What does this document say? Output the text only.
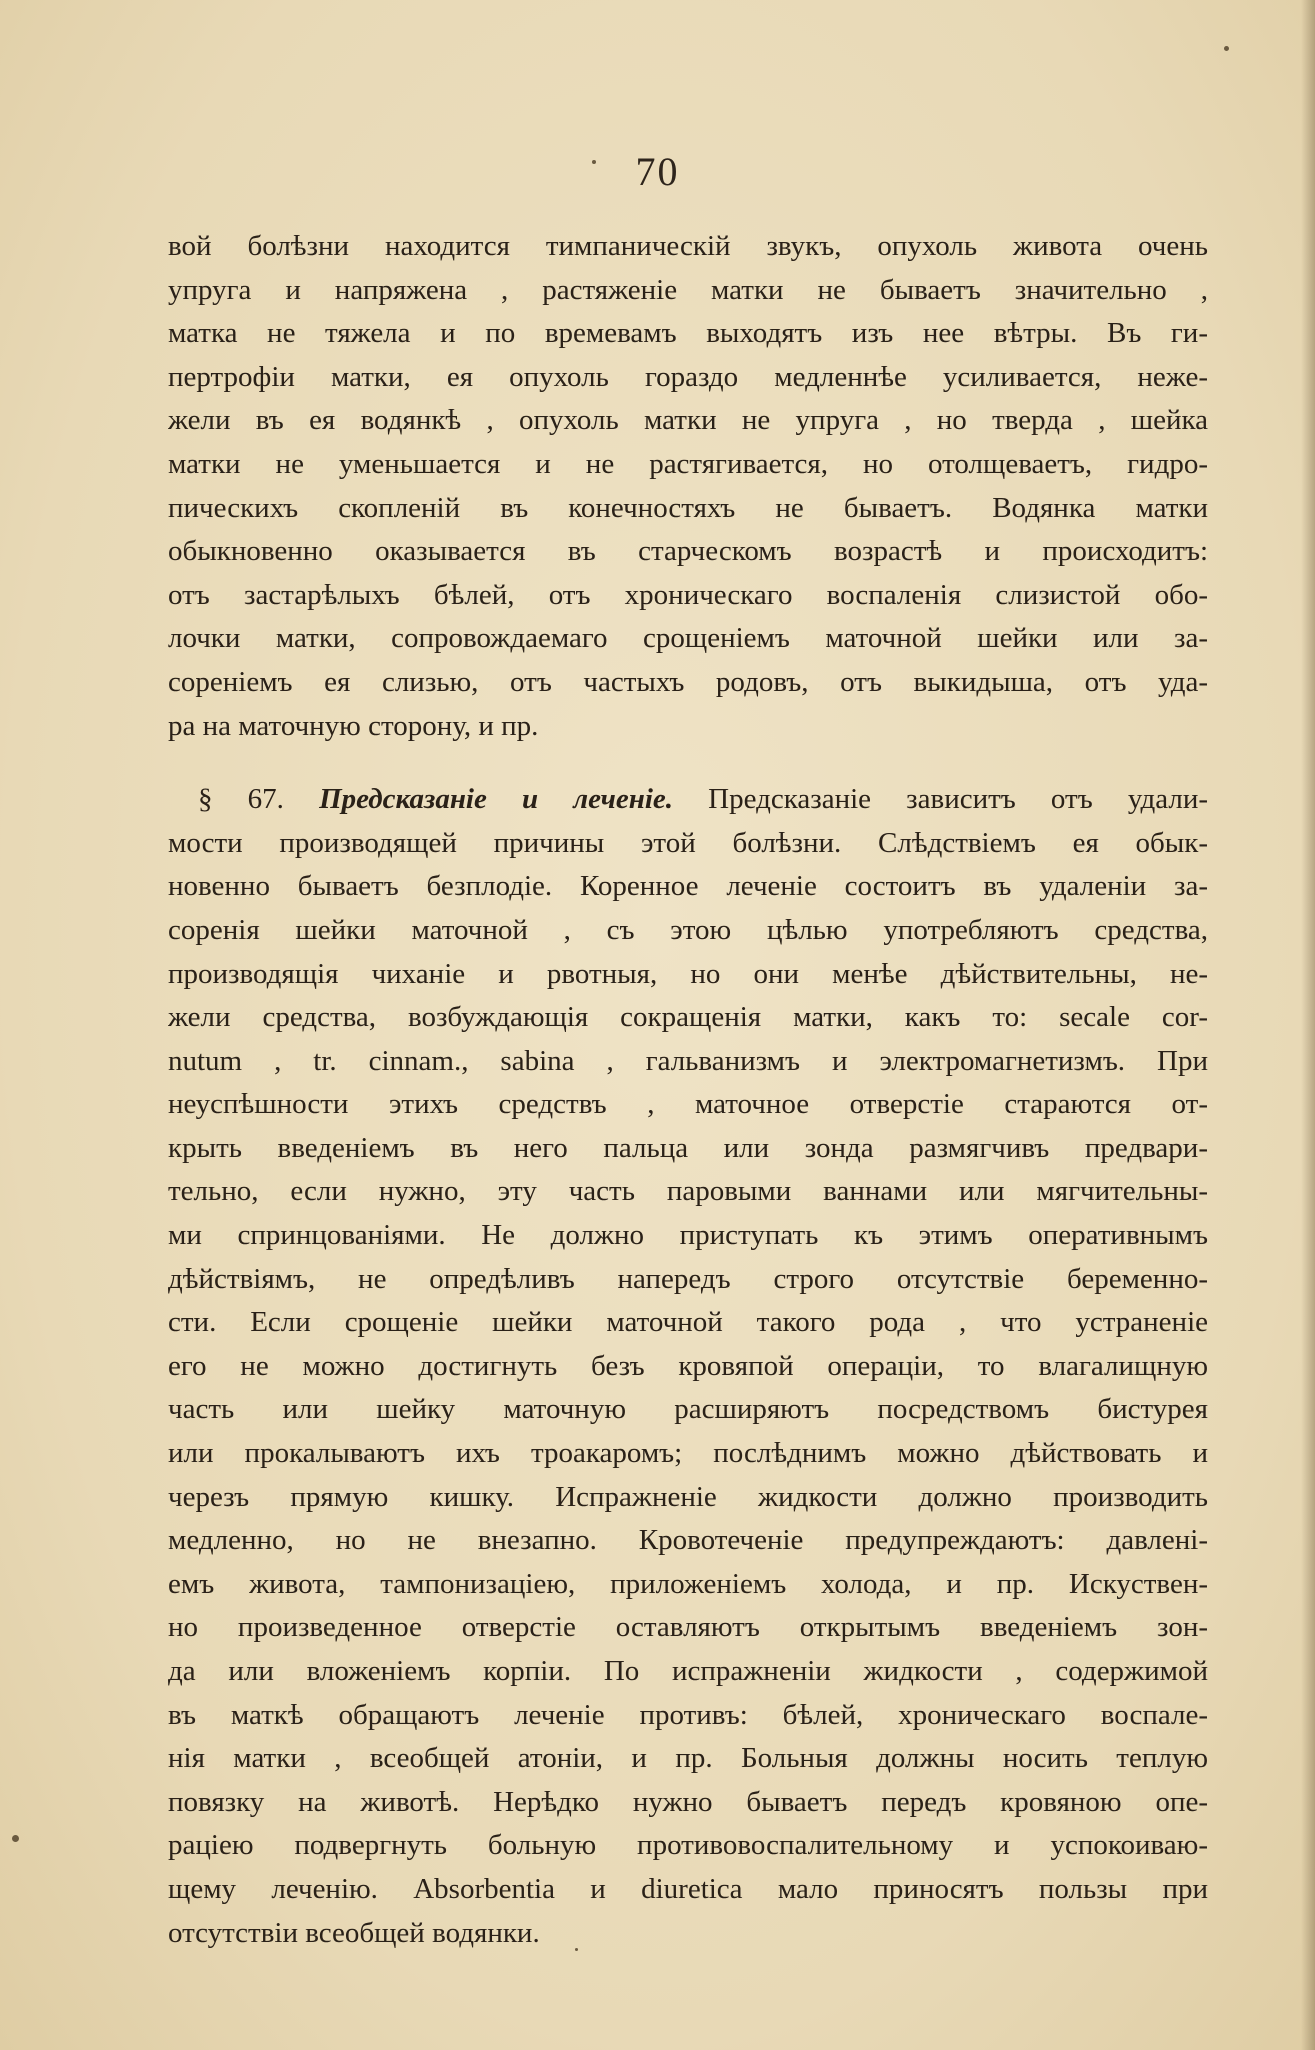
70
вой болѣзни находится тимпаническій звукъ, опухоль живота очень
упруга и напряжена , растяженіе матки не бываетъ значительно ,
матка не тяжела и по времевамъ выходятъ изъ нее вѣтры. Въ ги-
пертрофіи матки, ея опухоль гораздо медленнѣе усиливается, неже-
жели въ ея водянкѣ , опухоль матки не упруга , но тверда , шейка
матки не уменьшается и не растягивается, но отолщеваетъ, гидро-
пическихъ скопленій въ конечностяхъ не бываетъ. Водянка матки
обыкновенно оказывается въ старческомъ возрастѣ и происходитъ:
отъ застарѣлыхъ бѣлей, отъ хроническаго воспаленія слизистой обо-
лочки матки, сопровождаемаго срощеніемъ маточной шейки или за-
сореніемъ ея слизью, отъ частыхъ родовъ, отъ выкидыша, отъ уда-
ра на маточную сторону, и пр.
§ 67. Предсказаніе и леченіе. Предсказаніе зависитъ отъ удали-
мости производящей причины этой болѣзни. Слѣдствіемъ ея обык-
новенно бываетъ безплодіе. Коренное леченіе состоитъ въ удаленіи за-
соренія шейки маточной , съ этою цѣлью употребляютъ средства,
производящія чиханіе и рвотныя, но они менѣе дѣйствительны, не-
жели средства, возбуждающія сокращенія матки, какъ то: secale cor-
nutum , tr. cinnam., sabina , гальванизмъ и электромагнетизмъ. При
неуспѣшности этихъ средствъ , маточное отверстіе стараются от-
крыть введеніемъ въ него пальца или зонда размягчивъ предвари-
тельно, если нужно, эту часть паровыми ваннами или мягчительны-
ми спринцованіями. Не должно приступать къ этимъ оперативнымъ
дѣйствіямъ, не опредѣливъ напередъ строго отсутствіе беременно-
сти. Если срощеніе шейки маточной такого рода , что устраненіе
его не можно достигнуть безъ кровяпой операціи, то влагалищную
часть или шейку маточную расширяютъ посредствомъ бистурея
или прокалываютъ ихъ троакаромъ; послѣднимъ можно дѣйствовать и
черезъ прямую кишку. Испражненіе жидкости должно производить
медленно, но не внезапно. Кровотеченіе предупреждаютъ: давлені-
емъ живота, тампонизаціею, приложеніемъ холода, и пр. Искуствен-
но произведенное отверстіе оставляютъ открытымъ введеніемъ зон-
да или вложеніемъ корпіи. По испражненіи жидкости , содержимой
въ маткѣ обращаютъ леченіе противъ: бѣлей, хроническаго воспале-
нія матки , всеобщей атоніи, и пр. Больныя должны носить теплую
повязку на животѣ. Нерѣдко нужно бываетъ передъ кровяною опе-
раціею подвергнуть больную противовоспалительному и успокоиваю-
щему леченію. Absorbentia и diuretica мало приносятъ пользы при
отсутствіи всеобщей водянки.
